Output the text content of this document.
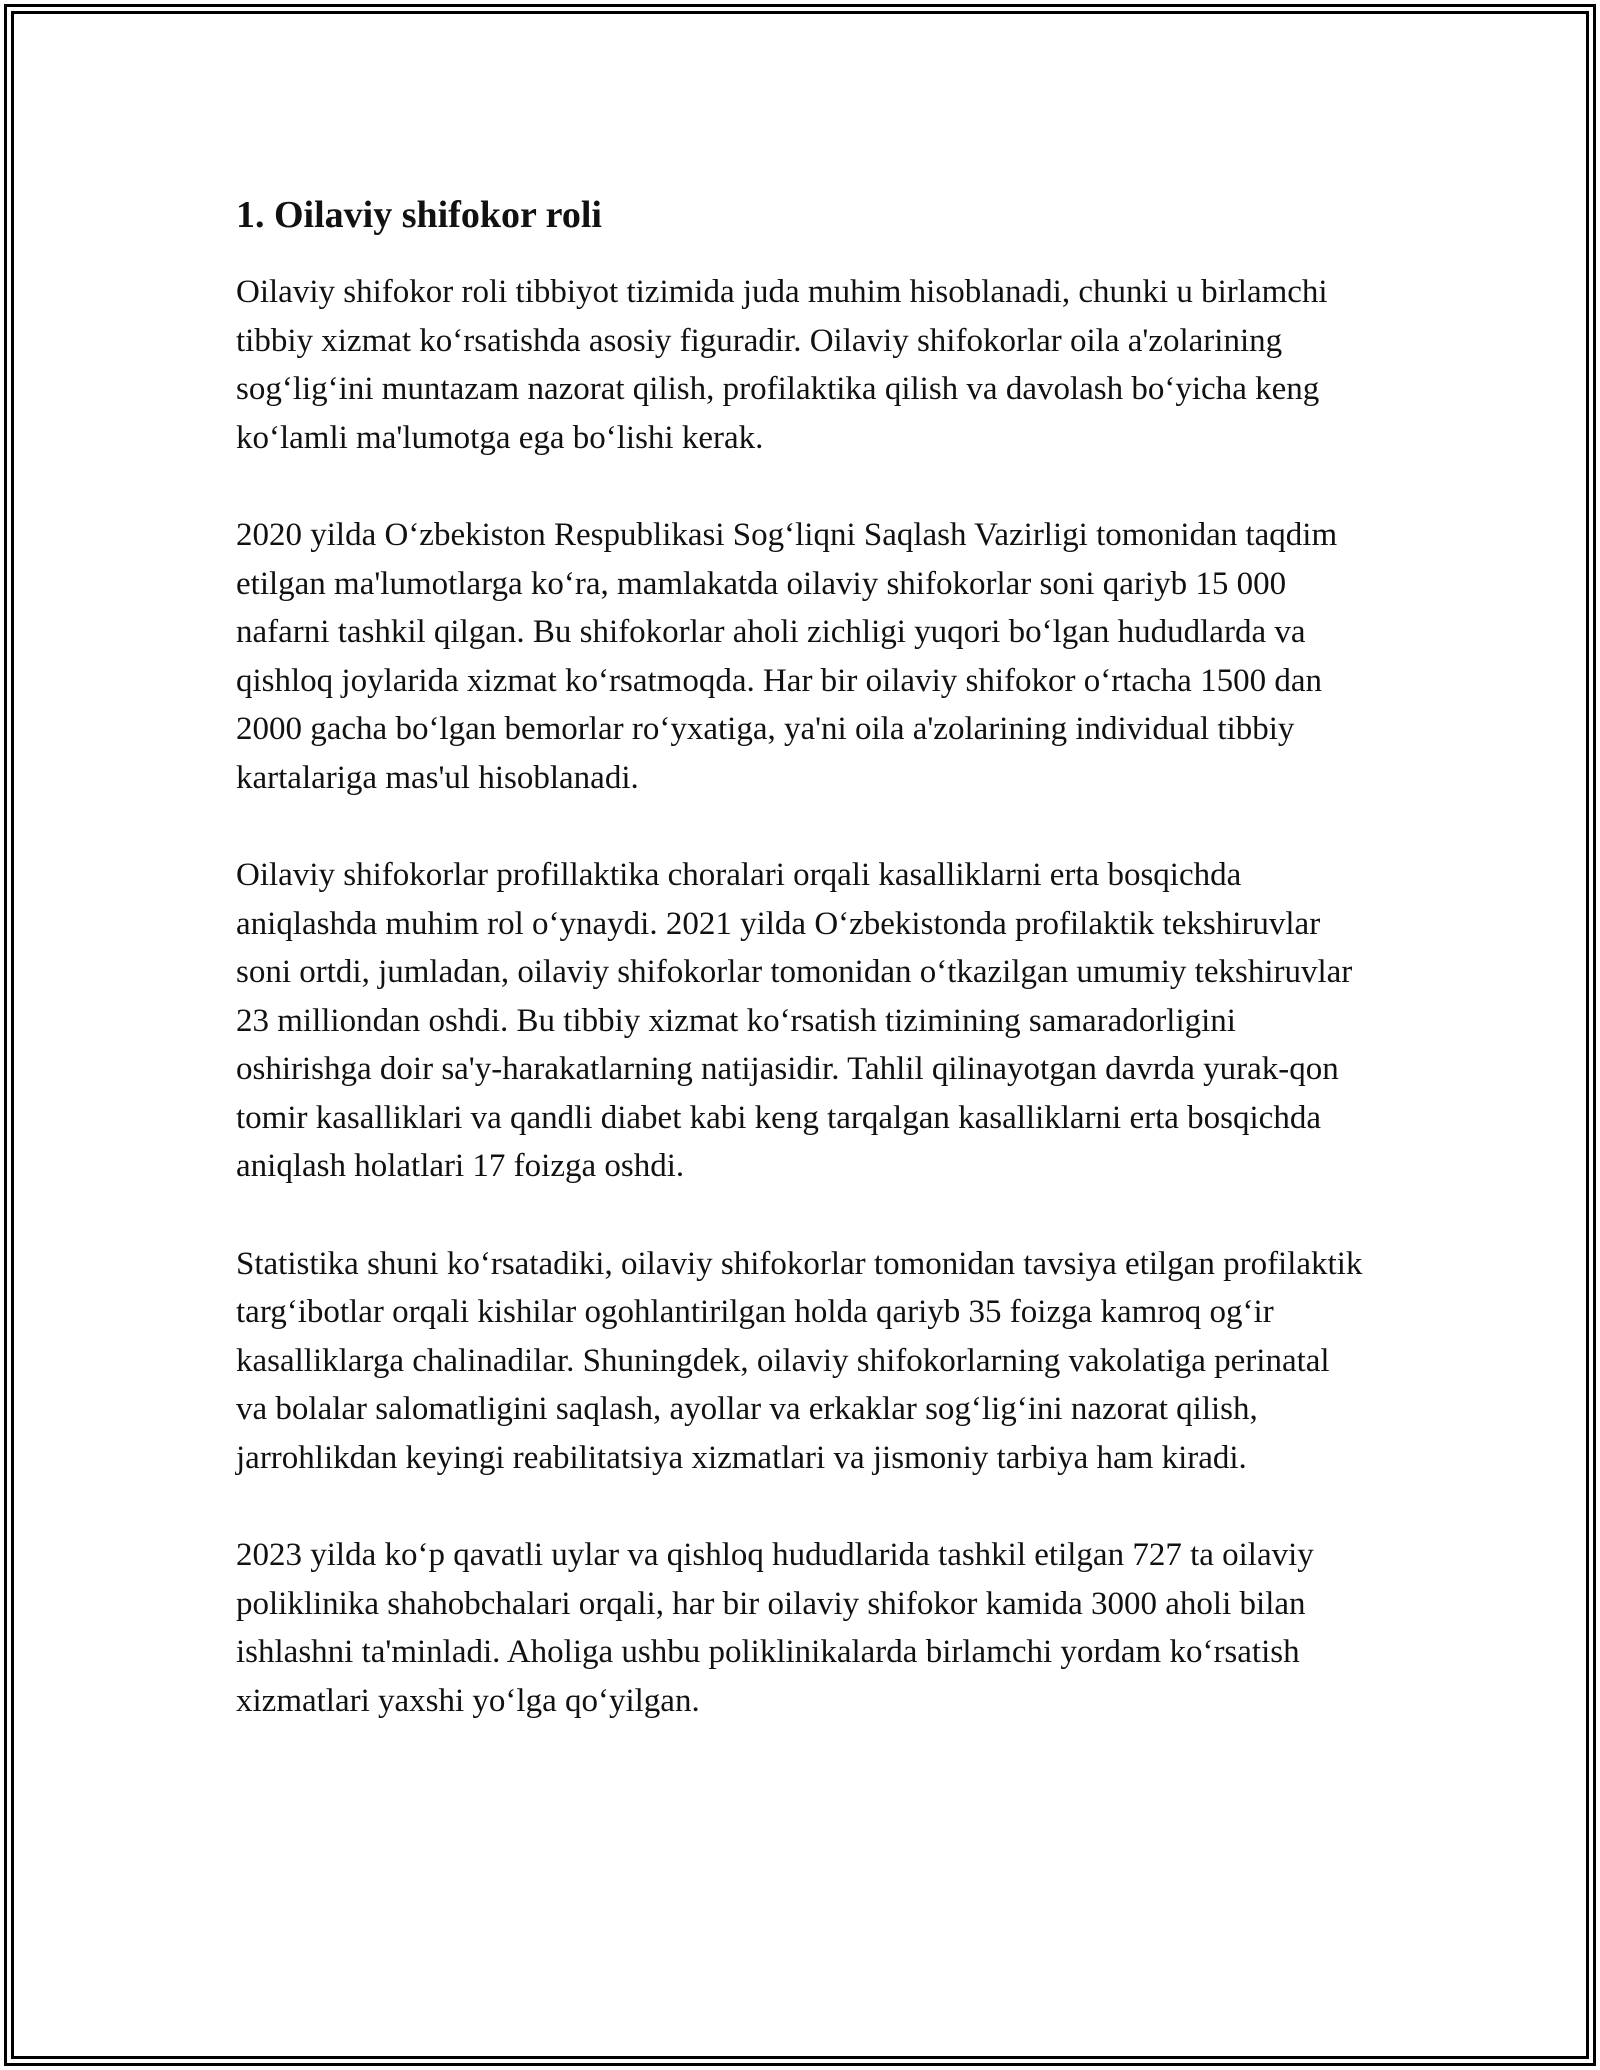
1. Oilaviy shifokor roli

Oilaviy shifokor roli tibbiyot tizimida juda muhim hisoblanadi, chunki u birlamchi tibbiy xizmat ko‘rsatishda asosiy figuradir. Oilaviy shifokorlar oila a'zolarining sog‘lig‘ini muntazam nazorat qilish, profilaktika qilish va davolash bo‘yicha keng ko‘lamli ma'lumotga ega bo‘lishi kerak.

2020 yilda O‘zbekiston Respublikasi Sog‘liqni Saqlash Vazirligi tomonidan taqdim etilgan ma'lumotlarga ko‘ra, mamlakatda oilaviy shifokorlar soni qariyb 15 000 nafarni tashkil qilgan. Bu shifokorlar aholi zichligi yuqori bo‘lgan hududlarda va qishloq joylarida xizmat ko‘rsatmoqda. Har bir oilaviy shifokor o‘rtacha 1500 dan 2000 gacha bo‘lgan bemorlar ro‘yxatiga, ya'ni oila a'zolarining individual tibbiy kartalariga mas'ul hisoblanadi.

Oilaviy shifokorlar profillaktika choralari orqali kasalliklarni erta bosqichda aniqlashda muhim rol o‘ynaydi. 2021 yilda O‘zbekistonda profilaktik tekshiruvlar soni ortdi, jumladan, oilaviy shifokorlar tomonidan o‘tkazilgan umumiy tekshiruvlar 23 milliondan oshdi. Bu tibbiy xizmat ko‘rsatish tizimining samaradorligini oshirishga doir sa'y-harakatlarning natijasidir. Tahlil qilinayotgan davrda yurak-qon tomir kasalliklari va qandli diabet kabi keng tarqalgan kasalliklarni erta bosqichda aniqlash holatlari 17 foizga oshdi.

Statistika shuni ko‘rsatadiki, oilaviy shifokorlar tomonidan tavsiya etilgan profilaktik targ‘ibotlar orqali kishilar ogohlantirilgan holda qariyb 35 foizga kamroq og‘ir kasalliklarga chalinadilar. Shuningdek, oilaviy shifokorlarning vakolatiga perinatal va bolalar salomatligini saqlash, ayollar va erkaklar sog‘lig‘ini nazorat qilish, jarrohlikdan keyingi reabilitatsiya xizmatlari va jismoniy tarbiya ham kiradi.

2023 yilda ko‘p qavatli uylar va qishloq hududlarida tashkil etilgan 727 ta oilaviy poliklinika shahobchalari orqali, har bir oilaviy shifokor kamida 3000 aholi bilan ishlashni ta'minladi. Aholiga ushbu poliklinikalarda birlamchi yordam ko‘rsatish xizmatlari yaxshi yo‘lga qo‘yilgan.
